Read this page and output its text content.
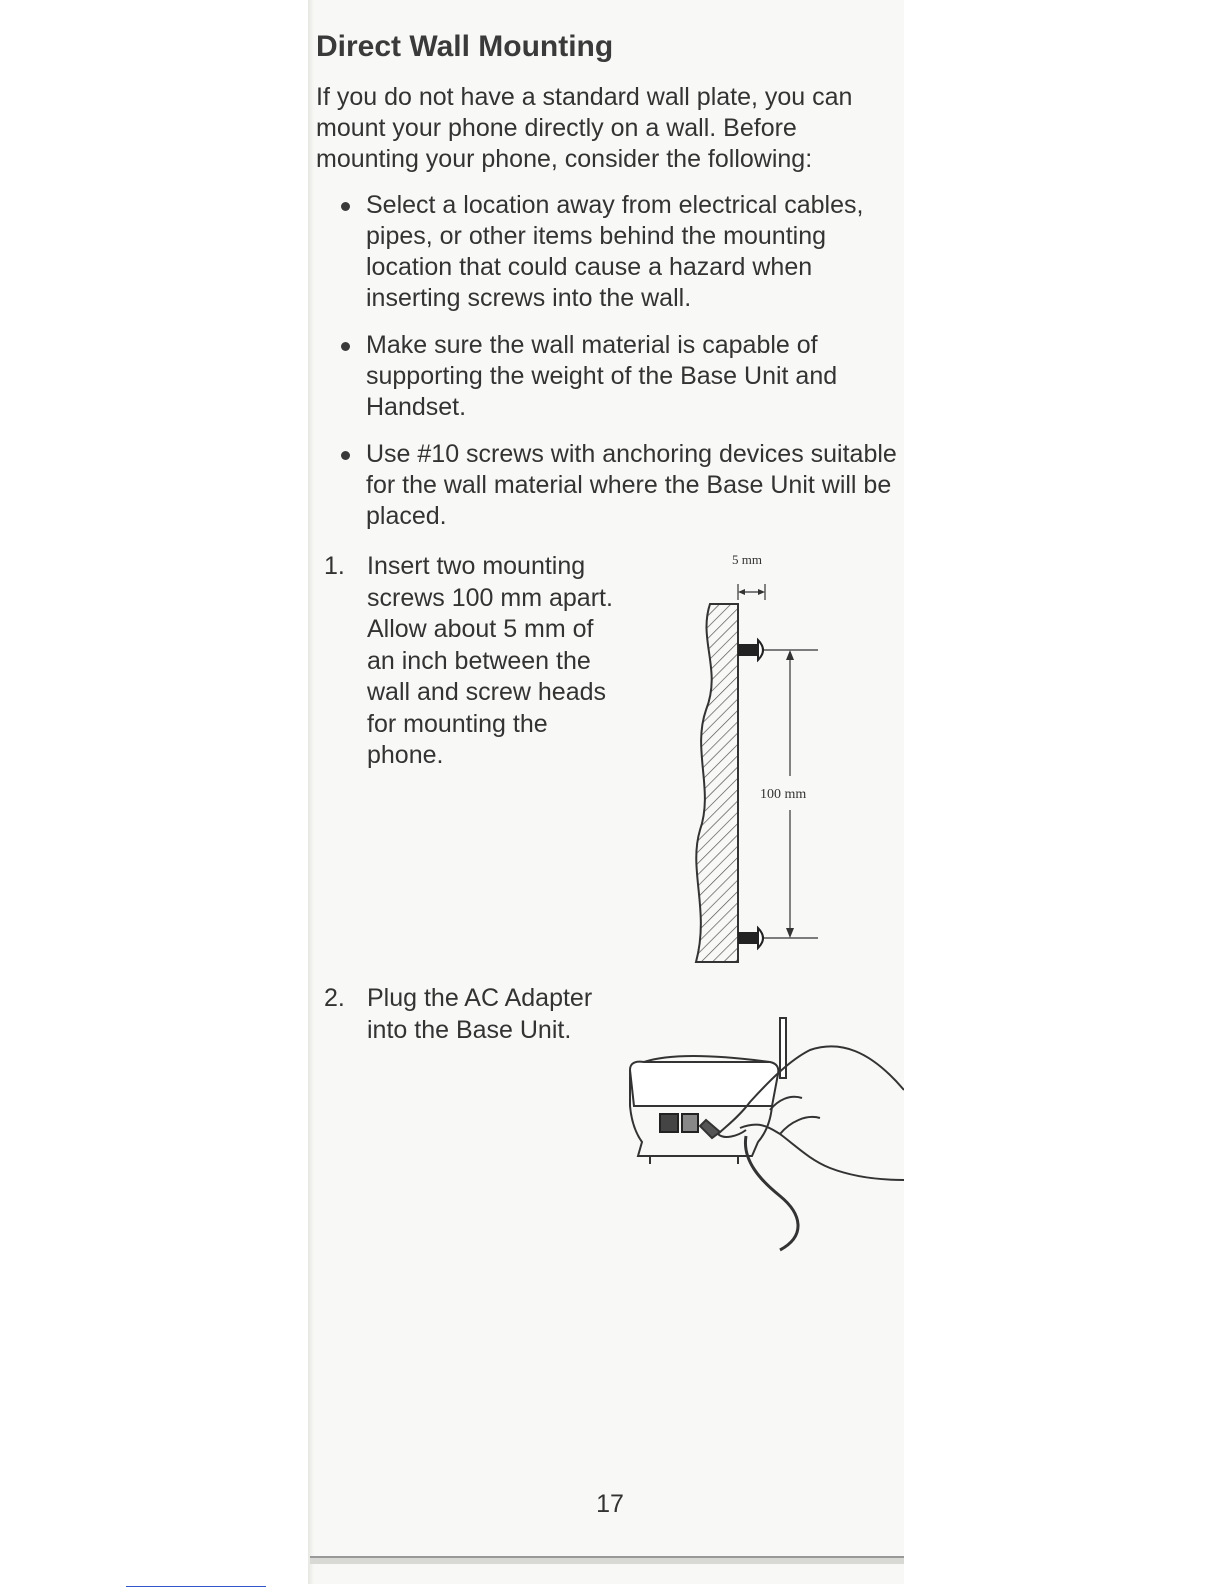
Direct Wall Mounting

If you do not have a standard wall plate, you can mount your phone directly on a wall. Before mounting your phone, consider the following:

Select a location away from electrical cables, pipes, or other items behind the mounting location that could cause a hazard when inserting screws into the wall.
Make sure the wall material is capable of supporting the weight of the Base Unit and Handset.
Use #10 screws with anchoring devices suitable for the wall material where the Base Unit will be placed.
1. Insert two mounting screws 100 mm apart. Allow about 5 mm of an inch between the wall and screw heads for mounting the phone.
2. Plug the AC Adapter into the Base Unit.
5 mm
100 mm
17
